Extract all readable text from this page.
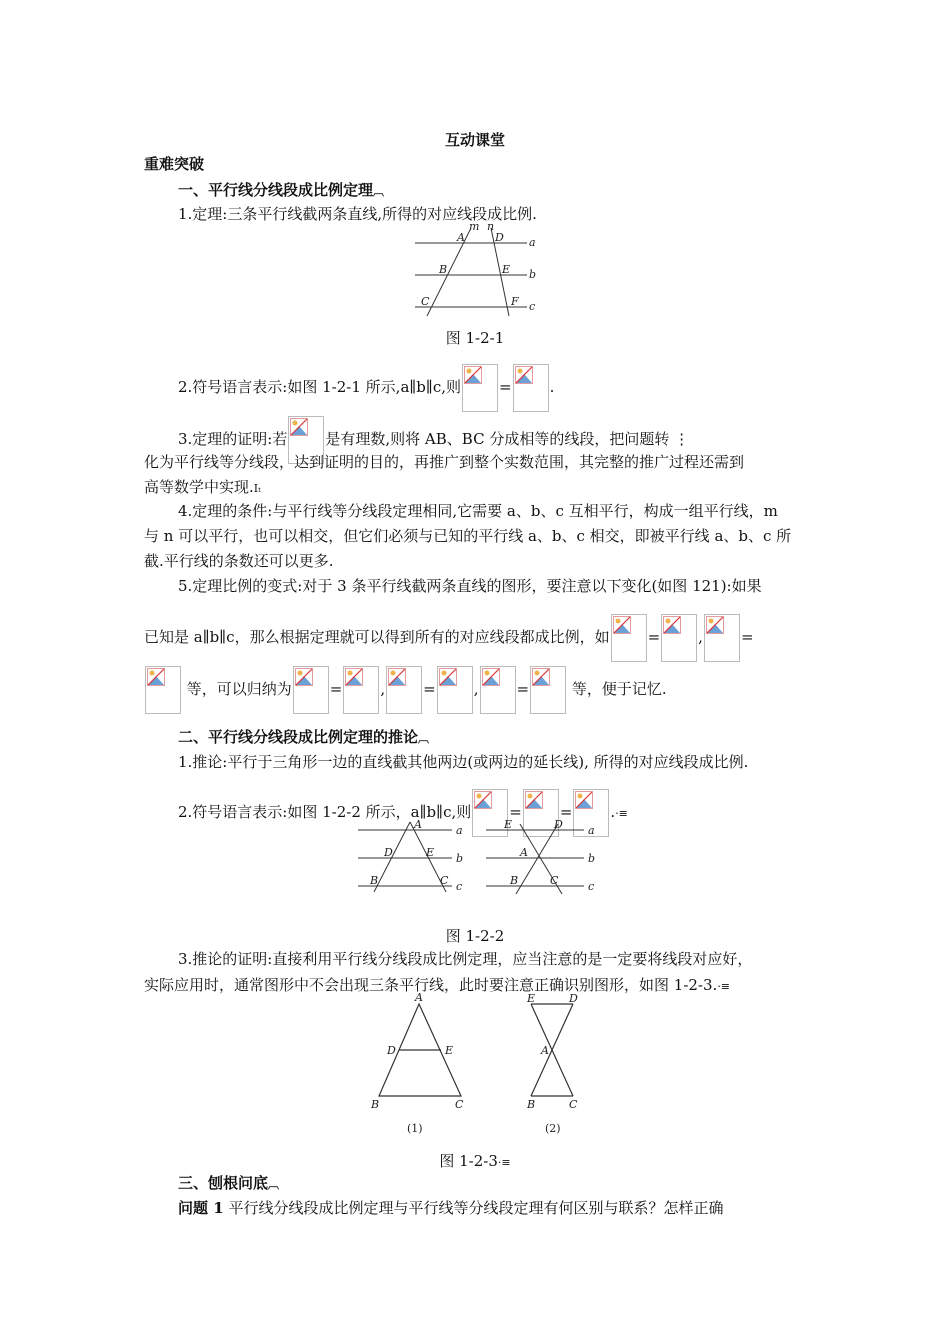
互动课堂
重难突破
一、平行线分线段成比例定理︹
1.定理:三条平行线截两条直线,所得的对应线段成比例.
m n
A	D a
B	E b
C	F c
图 1-2-1
2.符号语言表示:如图 1-2-1 所示,a∥b∥c,则	=	.
3.定理的证明:若	是有理数,则将 AB、BC 分成相等的线段，把问题转 ⋮
化为平行线等分线段，达到证明的目的，再推广到整个实数范围，其完整的推广过程还需到
高等数学中实现.Iₜ
4.定理的条件:与平行线等分线段定理相同,它需要 a、b、c 互相平行，构成一组平行线，m
与 n 可以平行，也可以相交，但它们必须与已知的平行线 a、b、c 相交，即被平行线 a、b、c 所
截.平行线的条数还可以更多.
5.定理比例的变式:对于 3 条平行线截两条直线的图形，要注意以下变化(如图 121):如果
已知是 a∥b∥c，那么根据定理就可以得到所有的对应线段都成比例，如	=	,	=
等，可以归纳为	=	,	=	,	=	等，便于记忆.
二、平行线分线段成比例定理的推论︹
1.推论:平行于三角形一边的直线截其他两边(或两边的延长线), 所得的对应线段成比例.
2.符号语言表示:如图 1-2-2 所示，a∥b∥c,则	=	=	.·≡
A	a
D	E b
B	C c
E	D a
A	b
B	C	c
图 1-2-2
3.推论的证明:直接利用平行线分线段成比例定理，应当注意的是一定要将线段对应好，
实际应用时，通常图形中不会出现三条平行线，此时要注意正确识别图形，如图 1-2-3.·≡
A
D	E
B	C
(1)
E	D
A
B	C
(2)
图 1-2-3·≡
三、刨根问底︹
问题 1 平行线分线段成比例定理与平行线等分线段定理有何区别与联系？怎样正确
